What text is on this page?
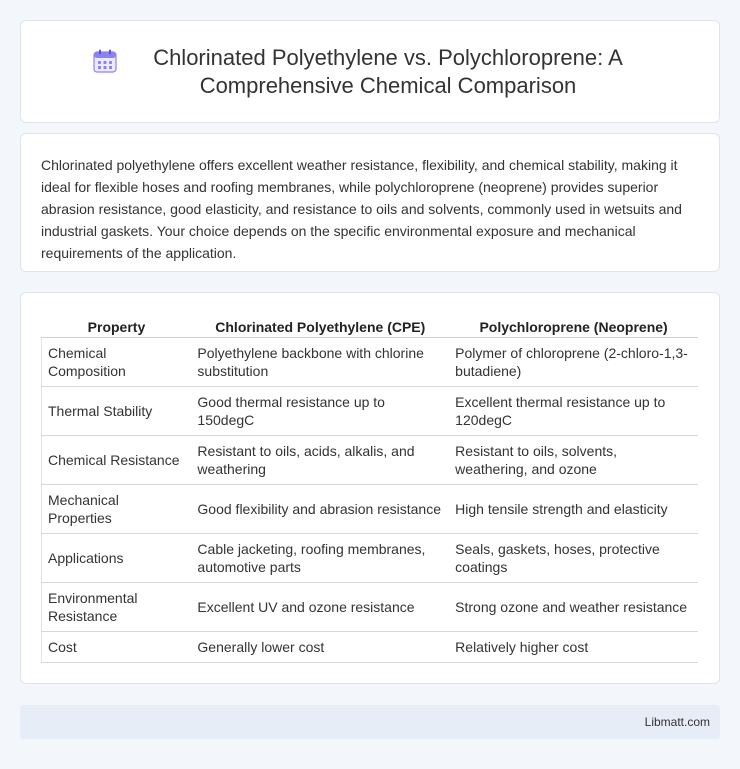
Chlorinated Polyethylene vs. Polychloroprene: A Comprehensive Chemical Comparison

Chlorinated polyethylene offers excellent weather resistance, flexibility, and chemical stability, making it ideal for flexible hoses and roofing membranes, while polychloroprene (neoprene) provides superior abrasion resistance, good elasticity, and resistance to oils and solvents, commonly used in wetsuits and industrial gaskets. Your choice depends on the specific environmental exposure and mechanical requirements of the application.

Property	Chlorinated Polyethylene (CPE)	Polychloroprene (Neoprene)
Chemical Composition	Polyethylene backbone with chlorine substitution	Polymer of chloroprene (2-chloro-1,3-butadiene)
Thermal Stability	Good thermal resistance up to 150degC	Excellent thermal resistance up to 120degC
Chemical Resistance	Resistant to oils, acids, alkalis, and weathering	Resistant to oils, solvents, weathering, and ozone
Mechanical Properties	Good flexibility and abrasion resistance	High tensile strength and elasticity
Applications	Cable jacketing, roofing membranes, automotive parts	Seals, gaskets, hoses, protective coatings
Environmental Resistance	Excellent UV and ozone resistance	Strong ozone and weather resistance
Cost	Generally lower cost	Relatively higher cost
Libmatt.com
